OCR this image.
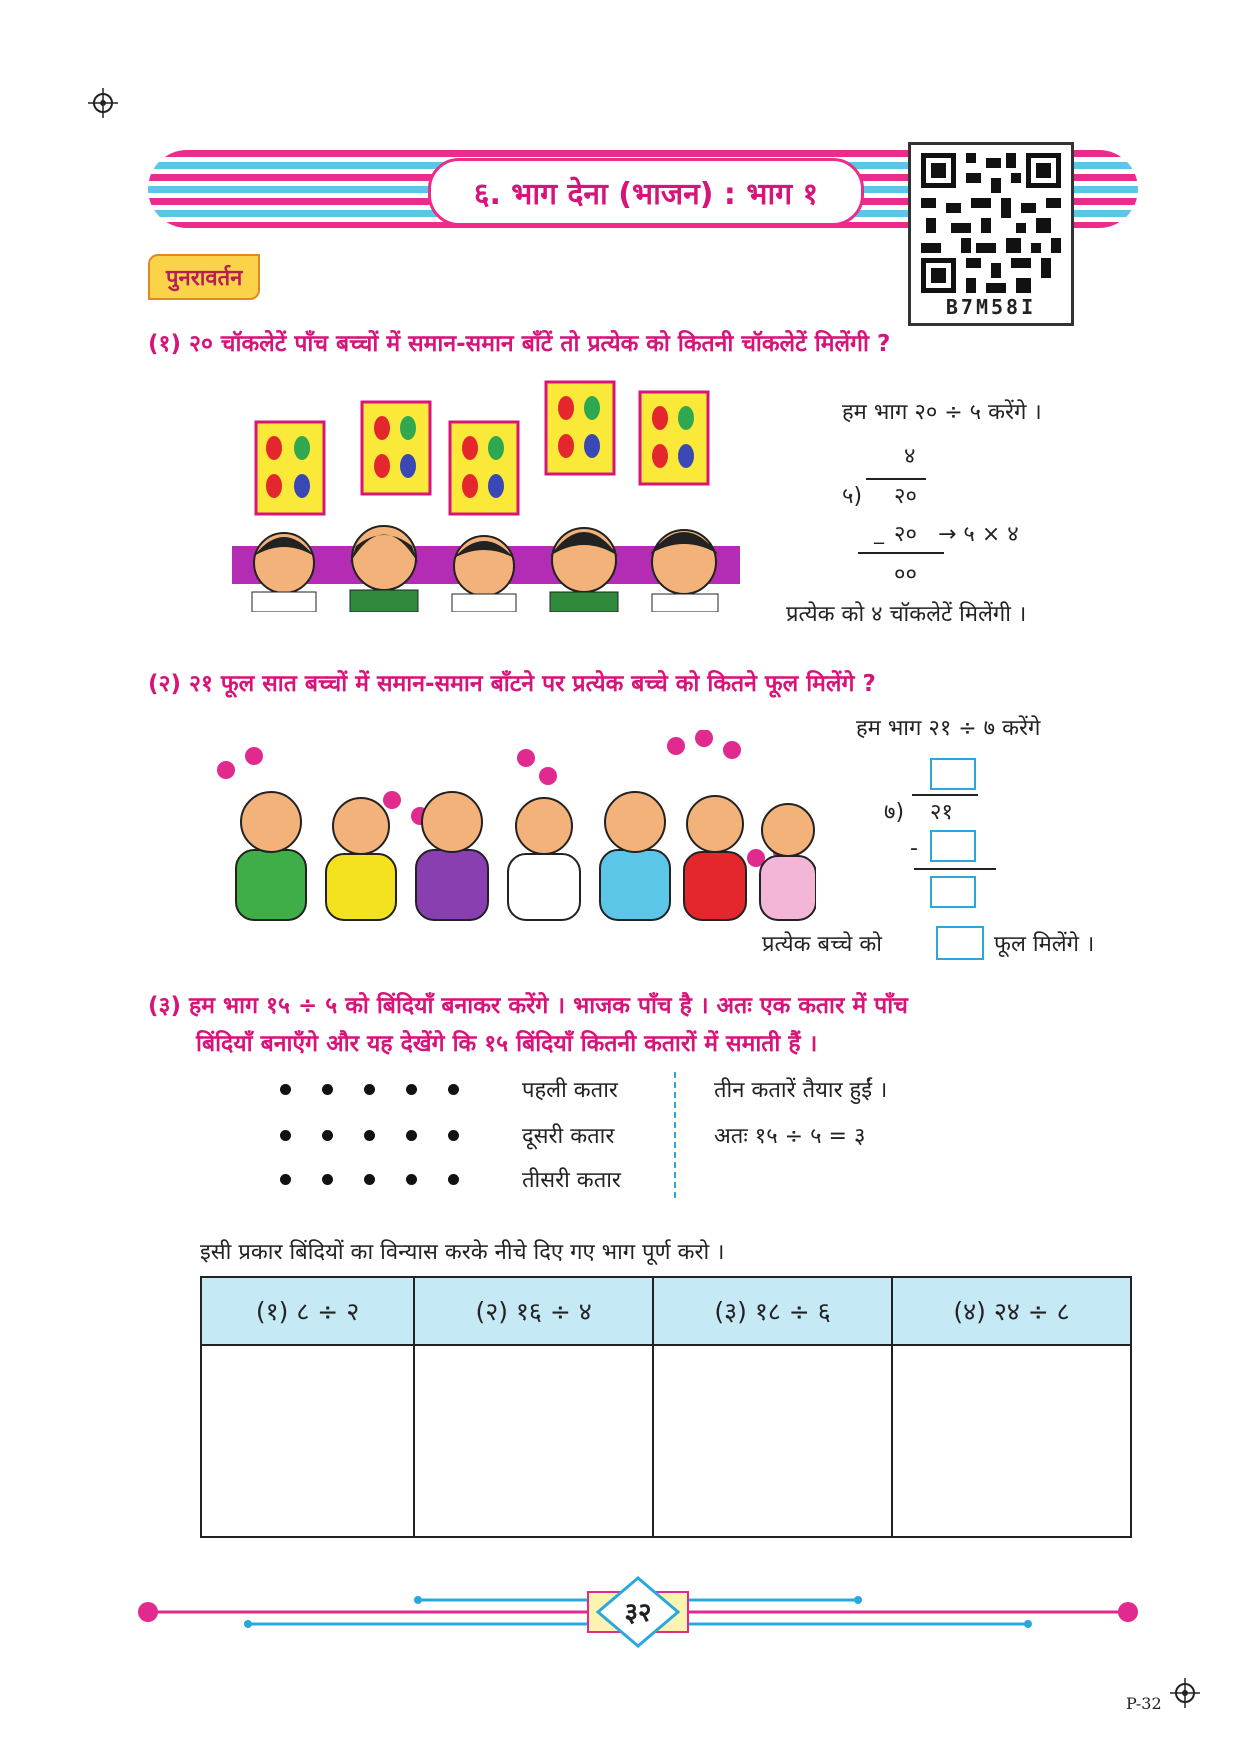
६. भाग देना (भाजन) : भाग १
B7M58I
पुनरावर्तन
(१) २० चॉकलेटें पाँच बच्चों में समान-समान बाँटें तो प्रत्येक को कितनी चॉकलेटें मिलेंगी ?
हम भाग २० ÷ ५ करेंगे ।
४
५) २०
_ २० → ५ × ४
००
प्रत्येक को ४ चॉकलेटें मिलेंगी ।
(२) २१ फूल सात बच्चों में समान-समान बाँटने पर प्रत्येक बच्चे को कितने फूल मिलेंगे ?
हम भाग २१ ÷ ७ करेंगे
७) २१
-
प्रत्येक बच्चे को	फूल मिलेंगे ।
(३) हम भाग १५ ÷ ५ को बिंदियाँ बनाकर करेंगे । भाजक पाँच है । अतः एक कतार में पाँच
बिंदियाँ बनाएँगे और यह देखेंगे कि १५ बिंदियाँ कितनी कतारों में समाती हैं ।
पहली कतार
दूसरी कतार
तीसरी कतार
तीन कतारें तैयार हुईं ।
अतः १५ ÷ ५ = ३
इसी प्रकार बिंदियों का विन्यास करके नीचे दिए गए भाग पूर्ण करो ।
(१) ८ ÷ २	(२) १६ ÷ ४	(३) १८ ÷ ६	(४) २४ ÷ ८

३२
P-32
